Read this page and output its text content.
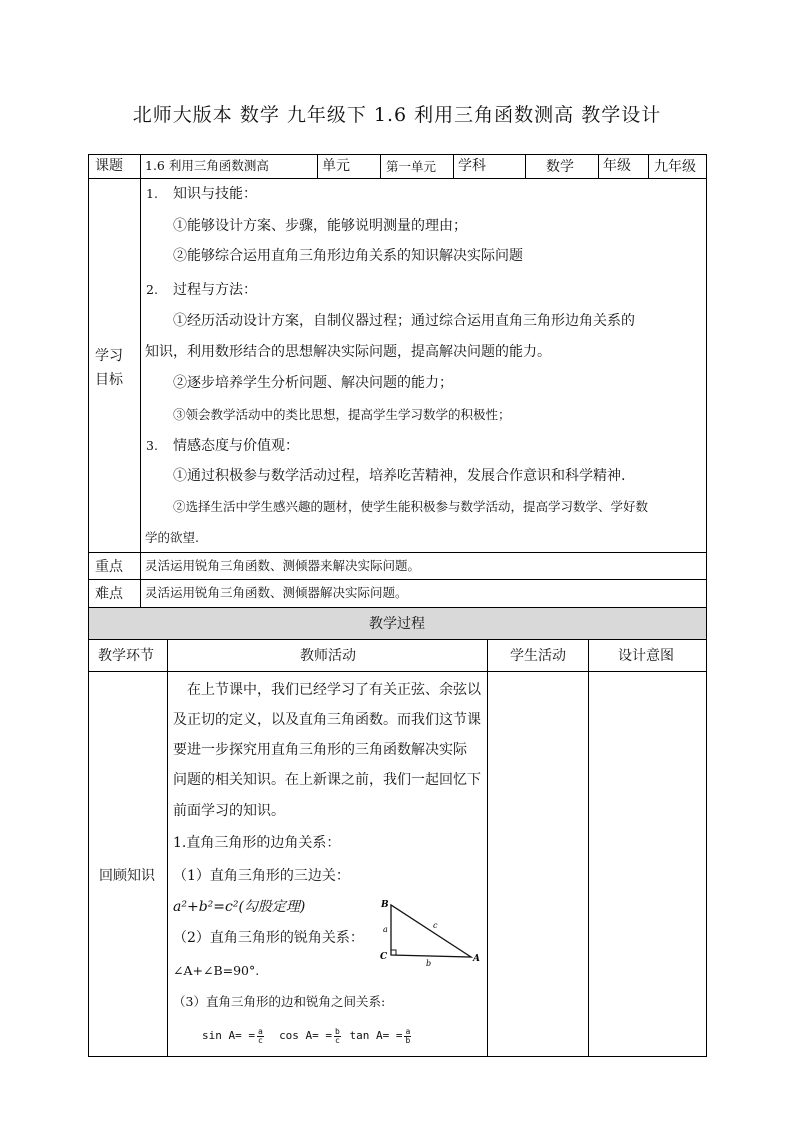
北师大版本 数学 九年级下 1.6 利用三角函数测高 教学设计
课题 1.6 利用三角函数测高	单元	第一单元 学科	数学 年级 九年级
学习
目标
1. 知识与技能：
①能够设计方案、步骤，能够说明测量的理由；
②能够综合运用直角三角形边角关系的知识解决实际问题
2. 过程与方法：
①经历活动设计方案，自制仪器过程；通过综合运用直角三角形边角关系的
知识，利用数形结合的思想解决实际问题，提高解决问题的能力。
②逐步培养学生分析问题、解决问题的能力；
③领会教学活动中的类比思想，提高学生学习数学的积极性；
3. 情感态度与价值观：
①通过积极参与数学活动过程，培养吃苦精神，发展合作意识和科学精神.
②选择生活中学生感兴趣的题材，使学生能积极参与数学活动，提高学习数学、学好数
学的欲望.
重点 灵活运用锐角三角函数、测倾器来解决实际问题。
难点 灵活运用锐角三角函数、测倾器解决实际问题。
教学过程
教学环节	教师活动	学生活动	设计意图
回顾知识
在上节课中，我们已经学习了有关正弦、余弦以
及正切的定义，以及直角三角函数。而我们这节课
要进一步探究用直角三角形的三角函数解决实际
问题的相关知识。在上新课之前，我们一起回忆下
前面学习的知识。
1.直角三角形的边角关系：
（1）直角三角形的三边关：
a²+b²=c²(勾股定理)
（2）直角三角形的锐角关系：
∠A+∠B=90°.
（3）直角三角形的边和锐角之间关系:
$\sin A= = \frac{a}{c}$ $\cos A= = \frac{b}{c}$ $\tan A= = \frac{a}{b}$
B
C	A
a
b
c
